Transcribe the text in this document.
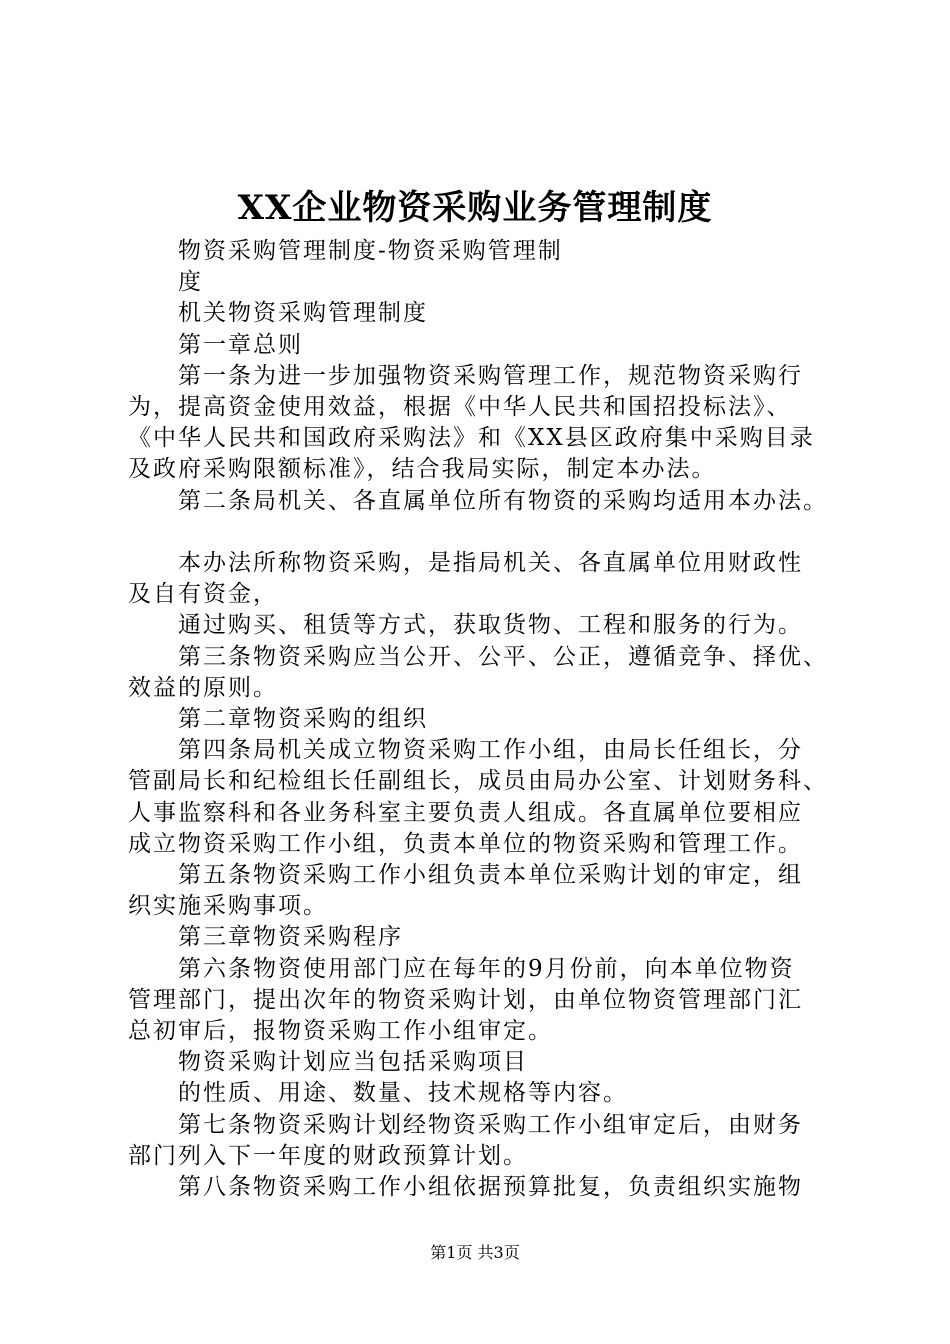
XX企业物资采购业务管理制度

　　物资采购管理制度-物资采购管理制

　　度

　　机关物资采购管理制度

　　第一章总则

　　第一条为进一步加强物资采购管理工作，规范物资采购行

为，提高资金使用效益，根据《中华人民共和国招投标法》、

《中华人民共和国政府采购法》和《XX县区政府集中采购目录

及政府采购限额标准》，结合我局实际，制定本办法。

　　第二条局机关、各直属单位所有物资的采购均适用本办法。

　　本办法所称物资采购，是指局机关、各直属单位用财政性

及自有资金，

　　通过购买、租赁等方式，获取货物、工程和服务的行为。

　　第三条物资采购应当公开、公平、公正，遵循竞争、择优、

效益的原则。

　　第二章物资采购的组织

　　第四条局机关成立物资采购工作小组，由局长任组长，分

管副局长和纪检组长任副组长，成员由局办公室、计划财务科、

人事监察科和各业务科室主要负责人组成。各直属单位要相应

成立物资采购工作小组，负责本单位的物资采购和管理工作。

　　第五条物资采购工作小组负责本单位采购计划的审定，组

织实施采购事项。

　　第三章物资采购程序

　　第六条物资使用部门应在每年的9月份前，向本单位物资

管理部门，提出次年的物资采购计划，由单位物资管理部门汇

总初审后，报物资采购工作小组审定。

　　物资采购计划应当包括采购项目

　　的性质、用途、数量、技术规格等内容。

　　第七条物资采购计划经物资采购工作小组审定后，由财务

部门列入下一年度的财政预算计划。

　　第八条物资采购工作小组依据预算批复，负责组织实施物

第1页 共3页
